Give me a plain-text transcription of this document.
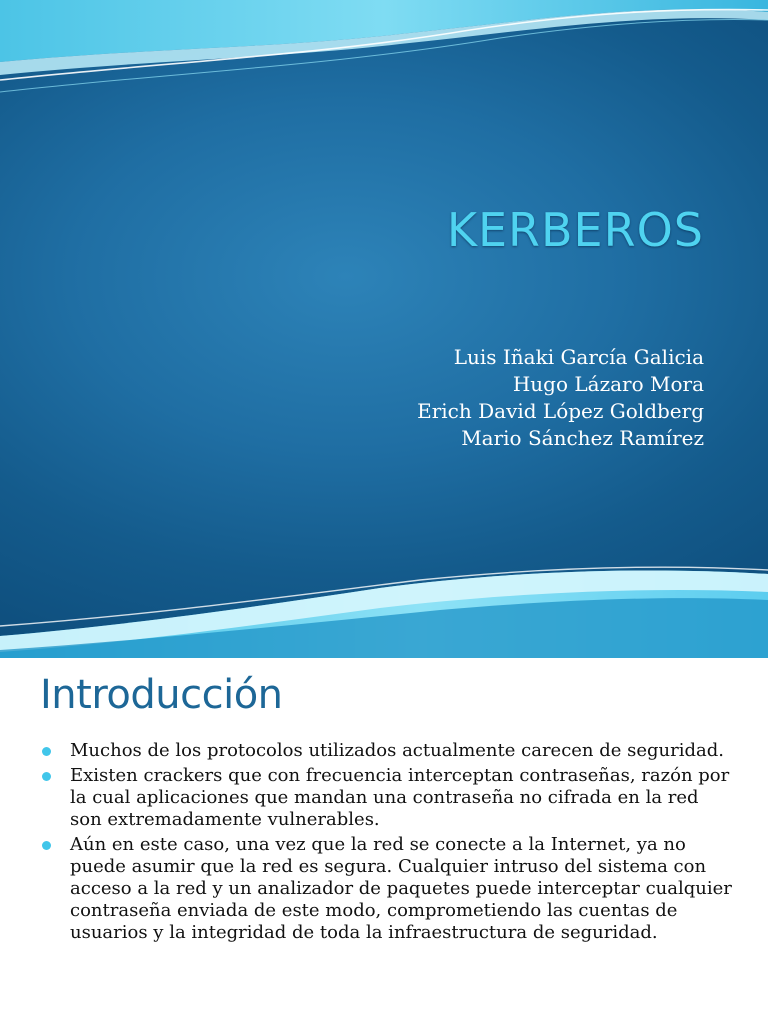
KERBEROS
Luis Iñaki García Galicia
Hugo Lázaro Mora
Erich David López Goldberg
Mario Sánchez Ramírez
Introducción
Muchos de los protocolos utilizados actualmente carecen de seguridad.
Existen crackers que con frecuencia interceptan contraseñas, razón por la cual aplicaciones que mandan una contraseña no cifrada en la red son extremadamente vulnerables.
Aún en este caso, una vez que la red se conecte a la Internet, ya no puede asumir que la red es segura. Cualquier intruso del sistema con acceso a la red y un analizador de paquetes puede interceptar cualquier contraseña enviada de este modo, comprometiendo las cuentas de usuarios y la integridad de toda la infraestructura de seguridad.
